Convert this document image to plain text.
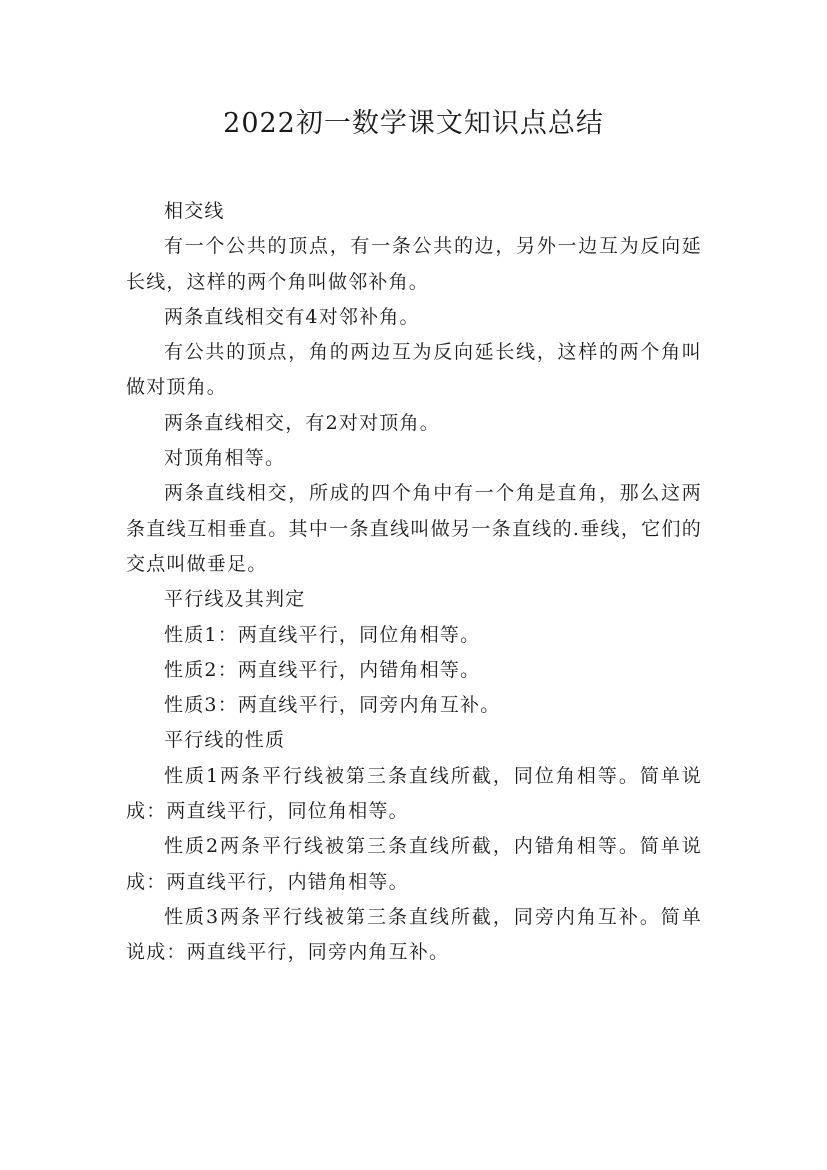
2022初一数学课文知识点总结

相交线

有一个公共的顶点，有一条公共的边，另外一边互为反向延长线，这样的两个角叫做邻补角。

两条直线相交有4对邻补角。

有公共的顶点，角的两边互为反向延长线，这样的两个角叫做对顶角。

两条直线相交，有2对对顶角。

对顶角相等。

两条直线相交，所成的四个角中有一个角是直角，那么这两条直线互相垂直。其中一条直线叫做另一条直线的.垂线，它们的交点叫做垂足。

平行线及其判定

性质1：两直线平行，同位角相等。

性质2：两直线平行，内错角相等。

性质3：两直线平行，同旁内角互补。

平行线的性质

性质1两条平行线被第三条直线所截，同位角相等。简单说成：两直线平行，同位角相等。

性质2两条平行线被第三条直线所截，内错角相等。简单说成：两直线平行，内错角相等。

性质3两条平行线被第三条直线所截，同旁内角互补。简单说成：两直线平行，同旁内角互补。
